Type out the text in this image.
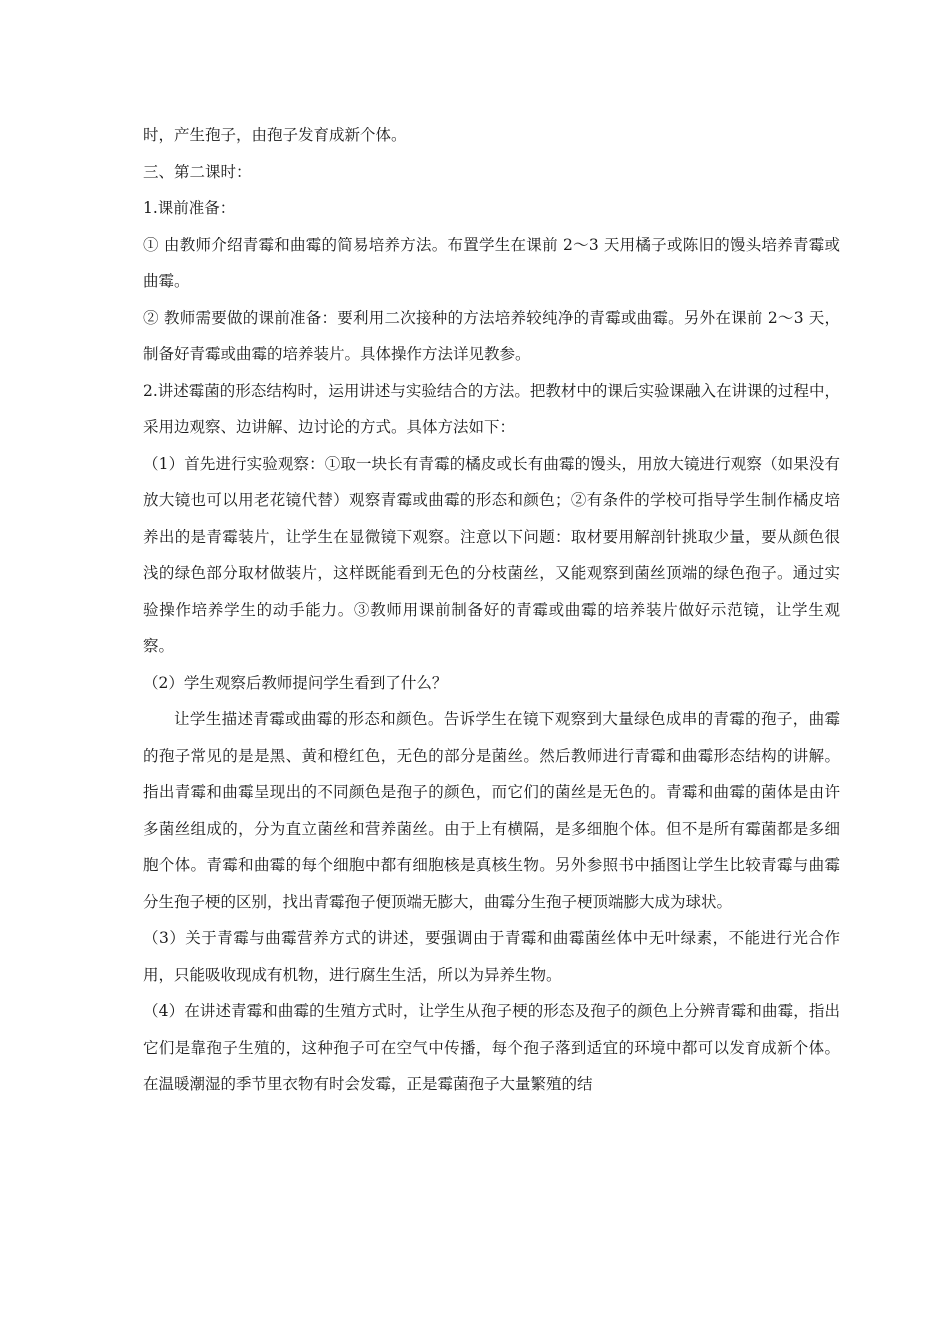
时，产生孢子，由孢子发育成新个体。

三、第二课时：

1.课前准备：

① 由教师介绍青霉和曲霉的简易培养方法。布置学生在课前 2～3 天用橘子或陈旧的馒头培养青霉或曲霉。

② 教师需要做的课前准备：要利用二次接种的方法培养较纯净的青霉或曲霉。另外在课前 2～3 天，制备好青霉或曲霉的培养装片。具体操作方法详见教参。

2.讲述霉菌的形态结构时，运用讲述与实验结合的方法。把教材中的课后实验课融入在讲课的过程中，采用边观察、边讲解、边讨论的方式。具体方法如下：

（1）首先进行实验观察：①取一块长有青霉的橘皮或长有曲霉的馒头，用放大镜进行观察（如果没有放大镜也可以用老花镜代替）观察青霉或曲霉的形态和颜色；②有条件的学校可指导学生制作橘皮培养出的是青霉装片，让学生在显微镜下观察。注意以下问题：取材要用解剖针挑取少量，要从颜色很浅的绿色部分取材做装片，这样既能看到无色的分枝菌丝，又能观察到菌丝顶端的绿色孢子。通过实验操作培养学生的动手能力。③教师用课前制备好的青霉或曲霉的培养装片做好示范镜，让学生观察。

（2）学生观察后教师提问学生看到了什么？

让学生描述青霉或曲霉的形态和颜色。告诉学生在镜下观察到大量绿色成串的青霉的孢子，曲霉的孢子常见的是是黑、黄和橙红色，无色的部分是菌丝。然后教师进行青霉和曲霉形态结构的讲解。指出青霉和曲霉呈现出的不同颜色是孢子的颜色，而它们的菌丝是无色的。青霉和曲霉的菌体是由许多菌丝组成的，分为直立菌丝和营养菌丝。由于上有横隔，是多细胞个体。但不是所有霉菌都是多细胞个体。青霉和曲霉的每个细胞中都有细胞核是真核生物。另外参照书中插图让学生比较青霉与曲霉分生孢子梗的区别，找出青霉孢子便顶端无膨大，曲霉分生孢子梗顶端膨大成为球状。

（3）关于青霉与曲霉营养方式的讲述，要强调由于青霉和曲霉菌丝体中无叶绿素，不能进行光合作用，只能吸收现成有机物，进行腐生生活，所以为异养生物。

（4）在讲述青霉和曲霉的生殖方式时，让学生从孢子梗的形态及孢子的颜色上分辨青霉和曲霉，指出它们是靠孢子生殖的，这种孢子可在空气中传播，每个孢子落到适宜的环境中都可以发育成新个体。在温暖潮湿的季节里衣物有时会发霉，正是霉菌孢子大量繁殖的结
